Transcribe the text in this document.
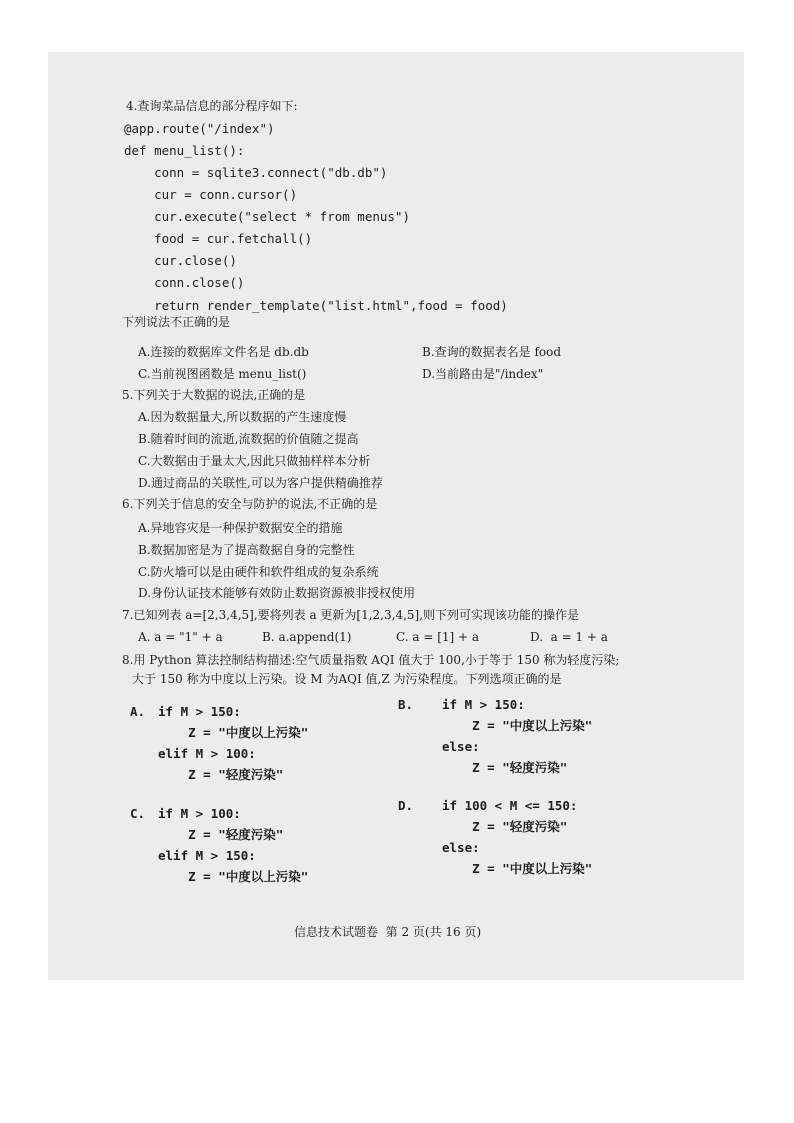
4.查询菜品信息的部分程序如下:
@app.route("/index")
def menu_list():
conn = sqlite3.connect("db.db")
cur = conn.cursor()
cur.execute("select * from menus")
food = cur.fetchall()
cur.close()
conn.close()
return render_template("list.html",food = food)
下列说法不正确的是
A.连接的数据库文件名是 db.db	B.查询的数据表名是 food
C.当前视图函数是 menu_list()	D.当前路由是"/index"
5.下列关于大数据的说法,正确的是
A.因为数据量大,所以数据的产生速度慢
B.随着时间的流逝,流数据的价值随之提高
C.大数据由于量太大,因此只做抽样样本分析
D.通过商品的关联性,可以为客户提供精确推荐
6.下列关于信息的安全与防护的说法,不正确的是
A.异地容灾是一种保护数据安全的措施
B.数据加密是为了提高数据自身的完整性
C.防火墙可以是由硬件和软件组成的复杂系统
D.身份认证技术能够有效防止数据资源被非授权使用
7.已知列表 a=[2,3,4,5],要将列表 a 更新为[1,2,3,4,5],则下列可实现该功能的操作是
A. a = "1" + a	B. a.append(1)	C. a = [1] + a	D.  a = 1 + a
8.用 Python 算法控制结构描述:空气质量指数 AQI 值大于 100,小于等于 150 称为轻度污染;
大于 150 称为中度以上污染。设 M 为AQI 值,Z 为污染程度。下列选项正确的是
A. if M > 150:
Z = "中度以上污染"
elif M > 100:
Z = "轻度污染"
B. if M > 150:
Z = "中度以上污染"
else:
Z = "轻度污染"
C. if M > 100:
Z = "轻度污染"
elif M > 150:
Z = "中度以上污染"
D. if 100 < M <= 150:
Z = "轻度污染"
else:
Z = "中度以上污染"
信息技术试题卷  第 2 页(共 16 页)
